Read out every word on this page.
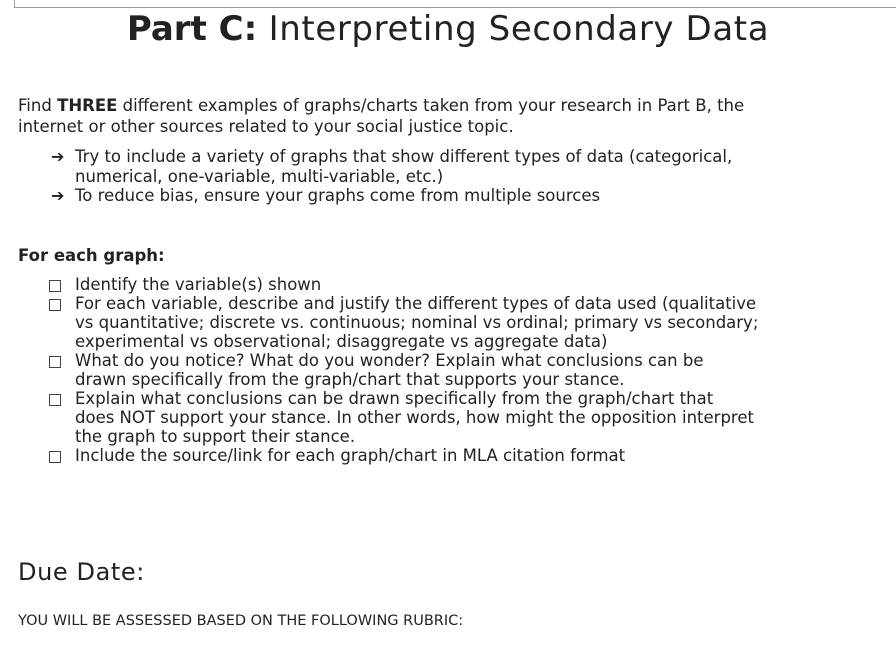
Part C: Interpreting Secondary Data
Find THREE different examples of graphs/charts taken from your research in Part B, the
internet or other sources related to your social justice topic.
➔ Try to include a variety of graphs that show different types of data (categorical,
numerical, one-variable, multi-variable, etc.)
➔ To reduce bias, ensure your graphs come from multiple sources
For each graph:
Identify the variable(s) shown
For each variable, describe and justify the different types of data used (qualitative
vs quantitative; discrete vs. continuous; nominal vs ordinal; primary vs secondary;
experimental vs observational; disaggregate vs aggregate data)
What do you notice? What do you wonder? Explain what conclusions can be
drawn specifically from the graph/chart that supports your stance.
Explain what conclusions can be drawn specifically from the graph/chart that
does NOT support your stance. In other words, how might the opposition interpret
the graph to support their stance.
Include the source/link for each graph/chart in MLA citation format
Due Date:
YOU WILL BE ASSESSED BASED ON THE FOLLOWING RUBRIC:
